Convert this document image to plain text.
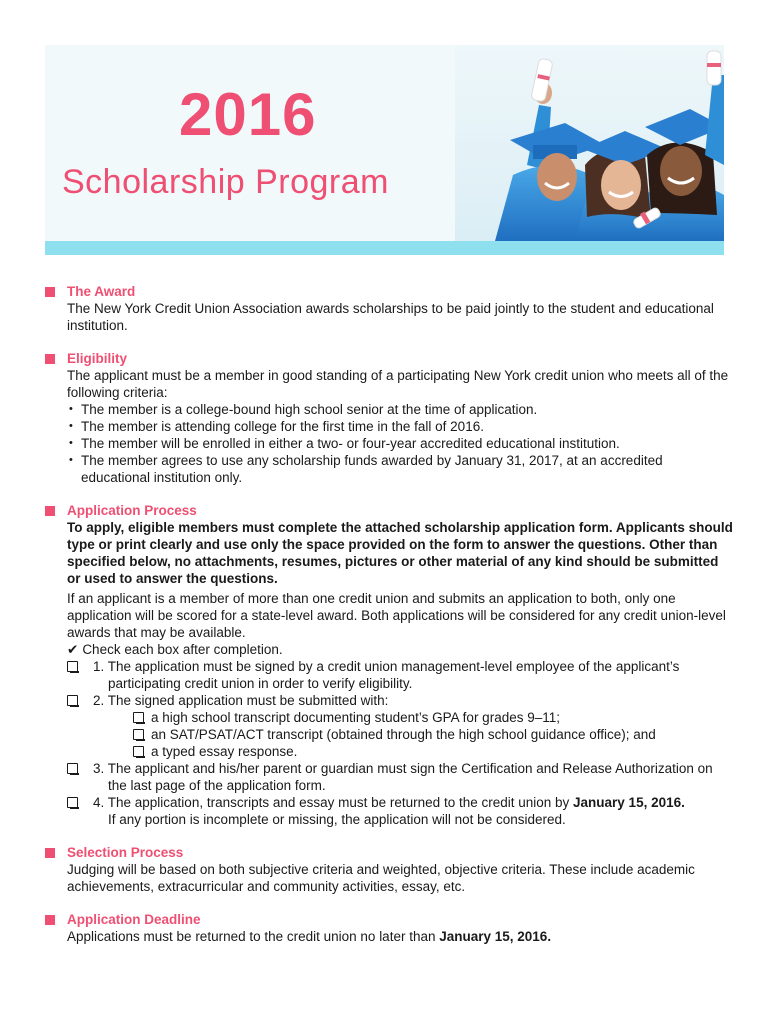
2016
Scholarship Program
The Award
The New York Credit Union Association awards scholarships to be paid jointly to the student and educational institution.
Eligibility
The applicant must be a member in good standing of a participating New York credit union who meets all of the following criteria:
• The member is a college-bound high school senior at the time of application.
• The member is attending college for the first time in the fall of 2016.
• The member will be enrolled in either a two- or four-year accredited educational institution.
• The member agrees to use any scholarship funds awarded by January 31, 2017, at an accredited educational institution only.
Application Process
To apply, eligible members must complete the attached scholarship application form. Applicants should type or print clearly and use only the space provided on the form to answer the questions. Other than specified below, no attachments, resumes, pictures or other material of any kind should be submitted or used to answer the questions.
If an applicant is a member of more than one credit union and submits an application to both, only one application will be scored for a state-level award. Both applications will be considered for any credit union-level awards that may be available.
✔ Check each box after completion.
1. The application must be signed by a credit union management-level employee of the applicant’s participating credit union in order to verify eligibility.
2. The signed application must be submitted with:
a high school transcript documenting student’s GPA for grades 9–11;
an SAT/PSAT/ACT transcript (obtained through the high school guidance office); and
a typed essay response.
3. The applicant and his/her parent or guardian must sign the Certification and Release Authorization on the last page of the application form.
4. The application, transcripts and essay must be returned to the credit union by January 15, 2016.
If any portion is incomplete or missing, the application will not be considered.
Selection Process
Judging will be based on both subjective criteria and weighted, objective criteria. These include academic achievements, extracurricular and community activities, essay, etc.
Application Deadline
Applications must be returned to the credit union no later than January 15, 2016.
